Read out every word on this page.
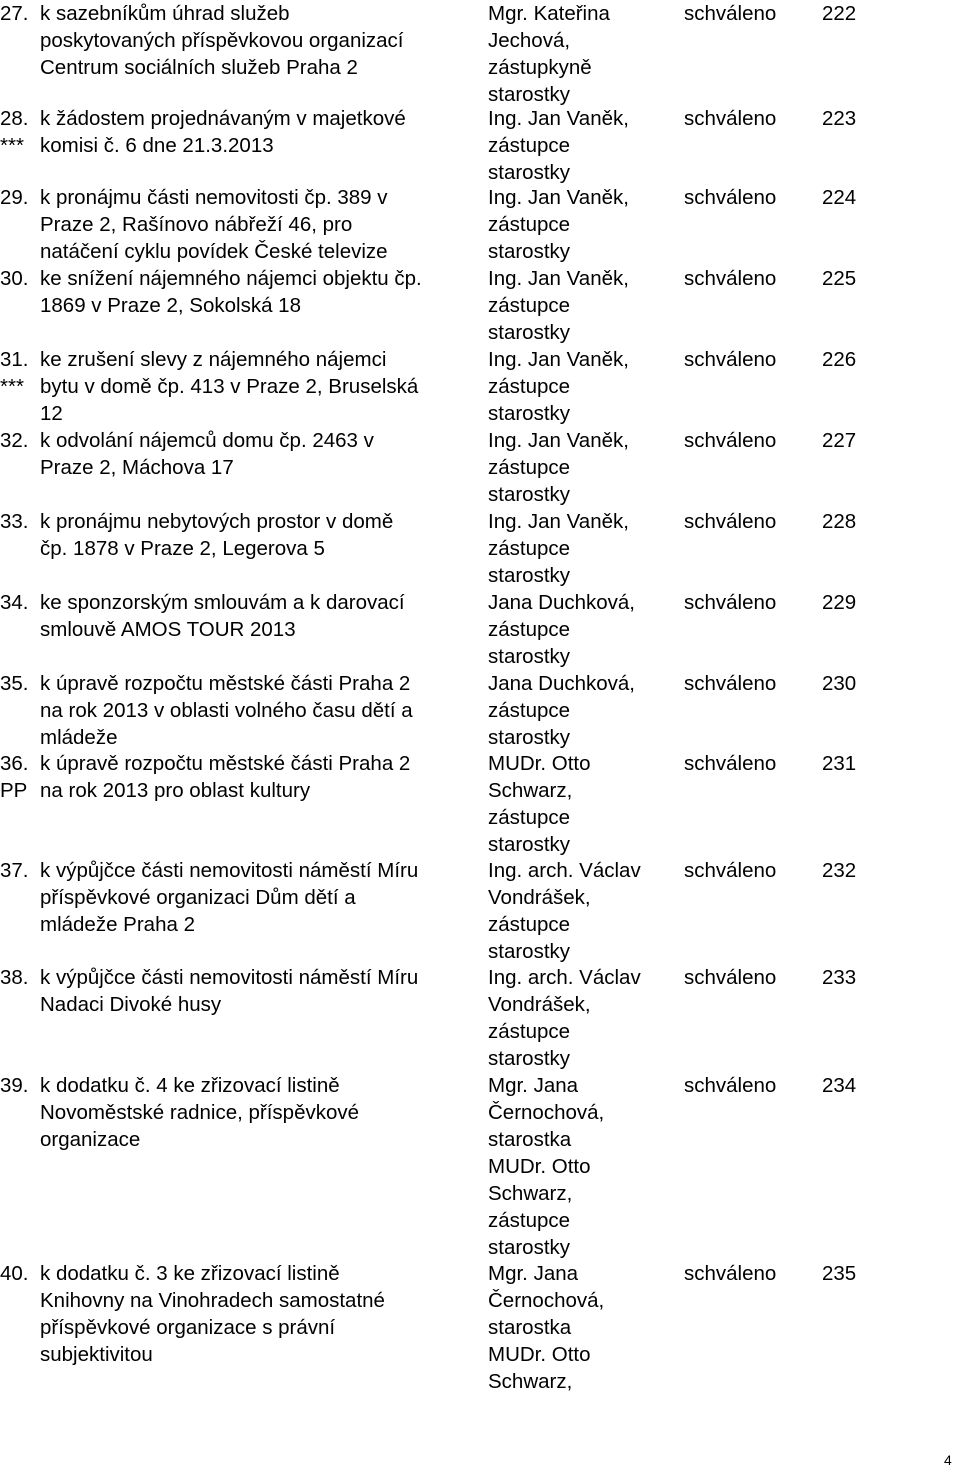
27. k sazebníkům úhrad služeb
poskytovaných příspěvkovou organizací
Centrum sociálních služeb Praha 2
Mgr. Kateřina
Jechová,
zástupkyně
starostky
schváleno 222
28.
***
k žádostem projednávaným v majetkové
komisi č. 6 dne 21.3.2013
Ing. Jan Vaněk,
zástupce
starostky
schváleno 223
29. k pronájmu části nemovitosti čp. 389 v
Praze 2, Rašínovo nábřeží 46, pro
natáčení cyklu povídek České televize
Ing. Jan Vaněk,
zástupce
starostky
schváleno 224
30. ke snížení nájemného nájemci objektu čp.
1869 v Praze 2, Sokolská 18
Ing. Jan Vaněk,
zástupce
starostky
schváleno 225
31.
***
ke zrušení slevy z nájemného nájemci
bytu v domě čp. 413 v Praze 2, Bruselská
12
Ing. Jan Vaněk,
zástupce
starostky
schváleno 226
32. k odvolání nájemců domu čp. 2463 v
Praze 2, Máchova 17
Ing. Jan Vaněk,
zástupce
starostky
schváleno 227
33. k pronájmu nebytových prostor v domě
čp. 1878 v Praze 2, Legerova 5
Ing. Jan Vaněk,
zástupce
starostky
schváleno 228
34. ke sponzorským smlouvám a k darovací
smlouvě AMOS TOUR 2013
Jana Duchková,
zástupce
starostky
schváleno 229
35. k úpravě rozpočtu městské části Praha 2
na rok 2013 v oblasti volného času dětí a
mládeže
Jana Duchková,
zástupce
starostky
schváleno 230
36.
PP
k úpravě rozpočtu městské části Praha 2
na rok 2013 pro oblast kultury
MUDr. Otto
Schwarz,
zástupce
starostky
schváleno 231
37. k výpůjčce části nemovitosti náměstí Míru
příspěvkové organizaci Dům dětí a
mládeže Praha 2
Ing. arch. Václav
Vondrášek,
zástupce
starostky
schváleno 232
38. k výpůjčce části nemovitosti náměstí Míru
Nadaci Divoké husy
Ing. arch. Václav
Vondrášek,
zástupce
starostky
schváleno 233
39. k dodatku č. 4 ke zřizovací listině
Novoměstské radnice, příspěvkové
organizace
Mgr. Jana
Černochová,
starostka
MUDr. Otto
Schwarz,
zástupce
starostky
schváleno 234
40. k dodatku č. 3 ke zřizovací listině
Knihovny na Vinohradech samostatné
příspěvkové organizace s právní
subjektivitou
Mgr. Jana
Černochová,
starostka
MUDr. Otto
Schwarz,
schváleno 235
4
